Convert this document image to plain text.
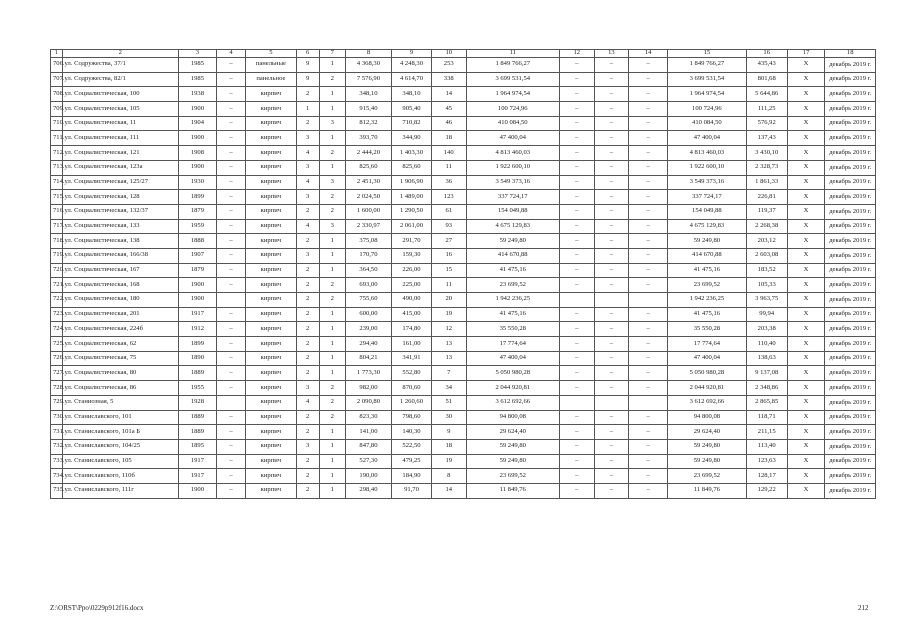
1	2	3	4	5	6	7	8	9	10	11	12	13	14	15	16	17	18
706.	ул. Содружества, 37/1	1985	–	панельные	9	1	4 368,30	4 248,30	253	1 849 766,27	–	–	–	1 849 766,27	435,43	Х	декабрь 2019 г.
707.	ул. Содружества, 82/1	1985	–	панельное	9	2	7 576,90	4 614,70	338	3 699 531,54	–	–	–	3 699 531,54	801,68	Х	декабрь 2019 г.
708.	ул. Социалистическая, 100	1938	–	кирпич	2	1	348,10	348,10	14	1 964 974,54	–	–	–	1 964 974,54	5 644,86	Х	декабрь 2019 г.
709.	ул. Социалистическая, 105	1900	–	кирпич	1	1	915,40	905,40	45	100 724,96	–	–	–	100 724,96	111,25	Х	декабрь 2019 г.
710.	ул. Социалистическая, 11	1904	–	кирпич	2	3	812,32	710,82	46	410 084,50	–	–	–	410 084,50	576,92	Х	декабрь 2019 г.
711.	ул. Социалистическая, 111	1900	–	кирпич	3	1	393,70	344,90	18	47 400,04	–	–	–	47 400,04	137,43	Х	декабрь 2019 г.
712.	ул. Социалистическая, 121	1908	–	кирпич	4	2	2 444,20	1 403,30	140	4 813 460,03	–	–	–	4 813 460,03	3 430,10	Х	декабрь 2019 г.
713.	ул. Социалистическая, 123а	1900	–	кирпич	3	1	825,60	825,60	11	1 922 600,10	–	–	–	1 922 600,10	2 328,73	Х	декабрь 2019 г.
714.	ул. Социалистическая, 125/27	1930	–	кирпич	4	3	2 451,30	1 906,90	36	3 549 373,16	–	–	–	3 549 373,16	1 861,33	Х	декабрь 2019 г.
715.	ул. Социалистическая, 128	1899	–	кирпич	3	2	2 024,50	1 489,00	123	337 724,17	–	–	–	337 724,17	226,81	Х	декабрь 2019 г.
716.	ул. Социалистическая, 132/37	1879	–	кирпич	2	2	1 600,00	1 290,50	61	154 049,88	–	–	–	154 049,88	119,37	Х	декабрь 2019 г.
717.	ул. Социалистическая, 133	1959	–	кирпич	4	3	2 330,97	2 061,00	93	4 675 129,83	–	–	–	4 675 129,83	2 268,38	Х	декабрь 2019 г.
718.	ул. Социалистическая, 138	1888	–	кирпич	2	1	375,08	291,70	27	59 249,80	–	–	–	59 249,80	203,12	Х	декабрь 2019 г.
719.	ул. Социалистическая, 166/38	1907	–	кирпич	3	1	170,70	159,30	16	414 670,88	–	–	–	414 670,88	2 603,08	Х	декабрь 2019 г.
720.	ул. Социалистическая, 167	1879	–	кирпич	2	1	364,50	226,00	15	41 475,16	–	–	–	41 475,16	183,52	Х	декабрь 2019 г.
721.	ул. Социалистическая, 168	1900	–	кирпич	2	2	693,00	225,00	11	23 699,52	–	–	–	23 699,52	105,33	Х	декабрь 2019 г.
722.	ул. Социалистическая, 180	1900		кирпич	2	2	755,60	490,00	20	1 942 236,25				1 942 236,25	3 963,75	Х	декабрь 2019 г.
723.	ул. Социалистическая, 201	1917	–	кирпич	2	1	600,00	415,00	19	41 475,16	–	–	–	41 475,16	99,94	Х	декабрь 2019 г.
724.	ул. Социалистическая, 224б	1912	–	кирпич	2	1	239,00	174,80	12	35 550,28	–	–	–	35 550,28	203,38	Х	декабрь 2019 г.
725.	ул. Социалистическая, 62	1899	–	кирпич	2	1	294,40	161,00	13	17 774,64	–	–	–	17 774,64	110,40	Х	декабрь 2019 г.
726.	ул. Социалистическая, 75	1890	–	кирпич	2	1	804,21	341,91	13	47 400,04	–	–	–	47 400,04	138,63	Х	декабрь 2019 г.
727.	ул. Социалистическая, 80	1889	–	кирпич	2	1	1 773,30	552,80	7	5 050 980,28	–	–	–	5 050 980,28	9 137,08	Х	декабрь 2019 г.
728.	ул. Социалистическая, 86	1955	–	кирпич	3	2	982,00	870,60	34	2 044 920,81	–	–	–	2 044 920,81	2 348,86	Х	декабрь 2019 г.
729.	ул. Станиозная, 5	1928		кирпич	4	2	2 090,80	1 260,60	51	3 612 692,66				3 612 692,66	2 865,85	Х	декабрь 2019 г.
730.	ул. Станиславского, 101	1889	–	кирпич	2	2	823,30	798,60	30	94 800,08	–	–	–	94 800,08	118,71	Х	декабрь 2019 г.
731.	ул. Станиславского, 101а Б	1889	–	кирпич	2	1	141,00	140,30	9	29 624,40	–	–	–	29 624,40	211,15	Х	декабрь 2019 г.
732.	ул. Станиславского, 104/25	1895	–	кирпич	3	1	847,80	522,50	18	59 249,80	–	–	–	59 249,80	113,40	Х	декабрь 2019 г.
733.	ул. Станиславского, 105	1917	–	кирпич	2	1	527,30	479,25	19	59 249,80	–	–	–	59 249,80	123,63	Х	декабрь 2019 г.
734.	ул. Станиславского, 110б	1917	–	кирпич	2	1	190,00	184,90	8	23 699,52	–	–	–	23 699,52	128,17	Х	декабрь 2019 г.
735.	ул. Станиславского, 111г	1900	–	кирпич	2	1	298,40	91,70	14	11 849,76	–	–	–	11 849,76	129,22	Х	декабрь 2019 г.
Z:\ORST\Ppo\0229p912f16.docx	212
